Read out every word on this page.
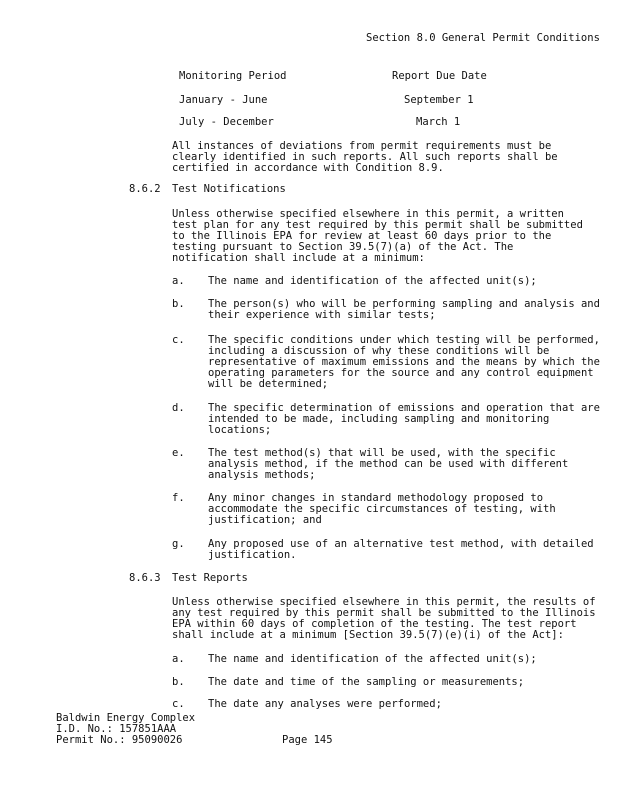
Section 8.0 General Permit Conditions
Monitoring Period	Report Due Date
January - June	September 1
July - December	March 1
All instances of deviations from permit requirements must be clearly identified in such reports. All such reports shall be certified in accordance with Condition 8.9.
8.6.2 Test Notifications
Unless otherwise specified elsewhere in this permit, a written test plan for any test required by this permit shall be submitted to the Illinois EPA for review at least 60 days prior to the testing pursuant to Section 39.5(7)(a) of the Act. The notification shall include at a minimum:
a. The name and identification of the affected unit(s);
b. The person(s) who will be performing sampling and analysis and their experience with similar tests;
c. The specific conditions under which testing will be performed, including a discussion of why these conditions will be representative of maximum emissions and the means by which the operating parameters for the source and any control equipment will be determined;
d. The specific determination of emissions and operation that are intended to be made, including sampling and monitoring locations;
e. The test method(s) that will be used, with the specific analysis method, if the method can be used with different analysis methods;
f. Any minor changes in standard methodology proposed to accommodate the specific circumstances of testing, with justification; and
g. Any proposed use of an alternative test method, with detailed justification.
8.6.3 Test Reports
Unless otherwise specified elsewhere in this permit, the results of any test required by this permit shall be submitted to the Illinois EPA within 60 days of completion of the testing. The test report shall include at a minimum [Section 39.5(7)(e)(i) of the Act]:
a. The name and identification of the affected unit(s);
b. The date and time of the sampling or measurements;
c. The date any analyses were performed;
Baldwin Energy Complex
I.D. No.: 157851AAA
Permit No.: 95090026	Page 145
